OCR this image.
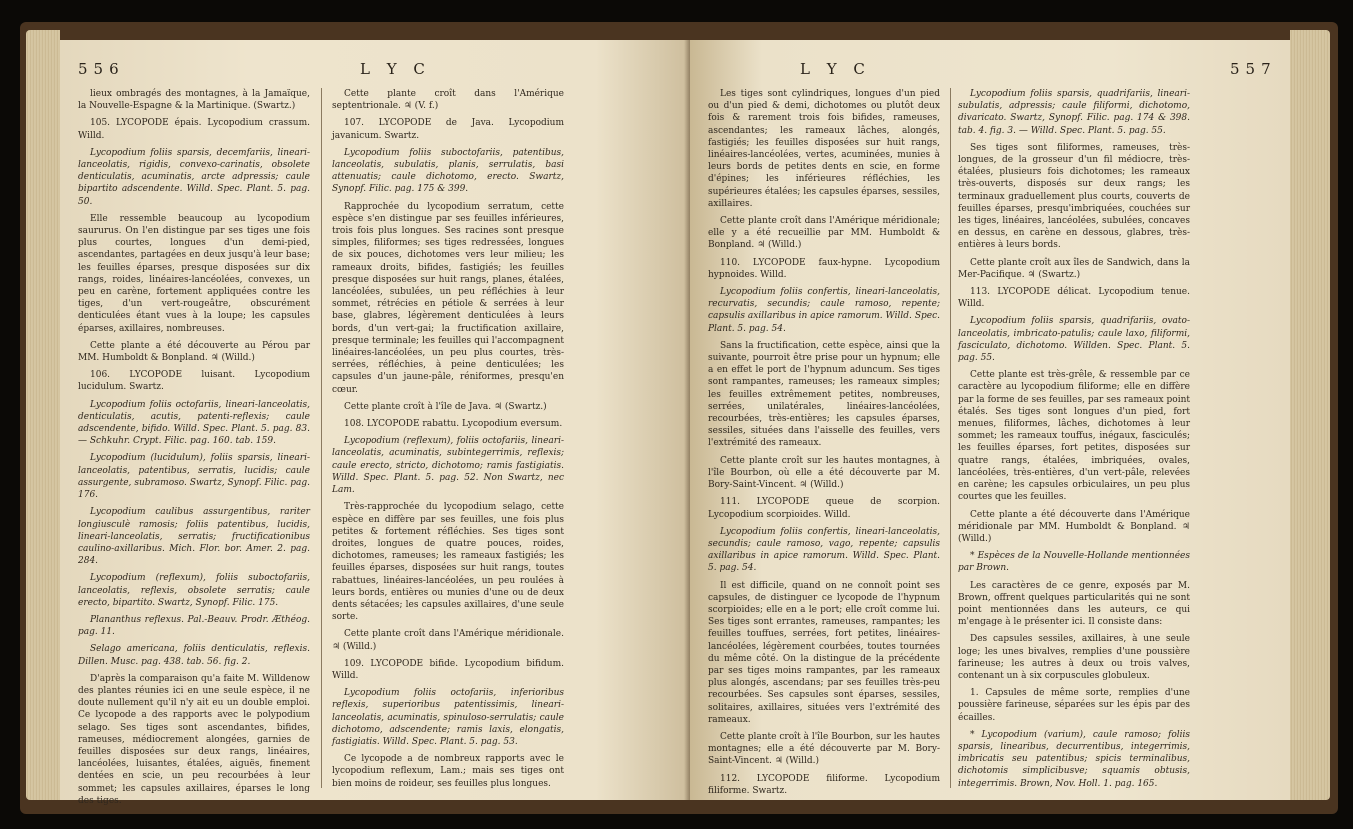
556	L Y C

lieux ombragés des montagnes, à la Jamaïque, la Nouvelle-Espagne & la Martinique. (Swartz.)

105. LYCOPODE épais. Lycopodium crassum. Willd.

Lycopodium foliis sparsis, decemfariis, lineari-lanceolatis, rigidis, convexo-carinatis, obsolete denticulatis, acuminatis, arcte adpressis; caule bipartito adscendente. Willd. Spec. Plant. 5. pag. 50.

Elle ressemble beaucoup au lycopodium saururus. On l'en distingue par ses tiges une fois plus courtes, longues d'un demi-pied, ascendantes, partagées en deux jusqu'à leur base; les feuilles éparses, presque disposées sur dix rangs, roides, linéaires-lancéolées, convexes, un peu en carène, fortement appliquées contre les tiges, d'un vert-rougeâtre, obscurément denticulées étant vues à la loupe; les capsules éparses, axillaires, nombreuses.

Cette plante a été découverte au Pérou par MM. Humboldt & Bonpland. ♃ (Willd.)

106. LYCOPODE luisant. Lycopodium lucidulum. Swartz.

Lycopodium foliis octofariis, lineari-lanceolatis, denticulatis, acutis, patenti-reflexis; caule adscendente, bifido. Willd. Spec. Plant. 5. pag. 83. — Schkuhr. Crypt. Filic. pag. 160. tab. 159.

Lycopodium (lucidulum), foliis sparsis, lineari-lanceolatis, patentibus, serratis, lucidis; caule assurgente, subramoso. Swartz, Synopf. Filic. pag. 176.

Lycopodium caulibus assurgentibus, rariter longiusculè ramosis; foliis patentibus, lucidis, lineari-lanceolatis, serratis; fructificationibus caulino-axillaribus. Mich. Flor. bor. Amer. 2. pag. 284.

Lycopodium (reflexum), foliis suboctofariis, lanceolatis, reflexis, obsolete serratis; caule erecto, bipartito. Swartz, Synopf. Filic. 175.

Plananthus reflexus. Pal.-Beauv. Prodr. Æthéog. pag. 11.

Selago americana, foliis denticulatis, reflexis. Dillen. Musc. pag. 438. tab. 56. fig. 2.

D'après la comparaison qu'a faite M. Willdenow des plantes réunies ici en une seule espèce, il ne doute nullement qu'il n'y ait eu un double emploi. Ce lycopode a des rapports avec le polypodium selago. Ses tiges sont ascendantes, bifides, rameuses, médiocrement alongées, garnies de feuilles disposées sur deux rangs, linéaires, lancéolées, luisantes, étalées, aiguës, finement dentées en scie, un peu recourbées à leur sommet; les capsules axillaires, éparses le long des tiges.

Cette plante croît dans l'Amérique septentrionale. ♃ (V. f.)

107. LYCOPODE de Java. Lycopodium javanicum. Swartz.

Lycopodium foliis suboctofariis, patentibus, lanceolatis, subulatis, planis, serrulatis, basi attenuatis; caule dichotomo, erecto. Swartz, Synopf. Filic. pag. 175 & 399.

Rapprochée du lycopodium serratum, cette espèce s'en distingue par ses feuilles inférieures, trois fois plus longues. Ses racines sont presque simples, filiformes; ses tiges redressées, longues de six pouces, dichotomes vers leur milieu; les rameaux droits, bifides, fastigiés; les feuilles presque disposées sur huit rangs, planes, étalées, lancéolées, subulées, un peu réfléchies à leur sommet, rétrécies en pétiole & serrées à leur base, glabres, légèrement denticulées à leurs bords, d'un vert-gai; la fructification axillaire, presque terminale; les feuilles qui l'accompagnent linéaires-lancéolées, un peu plus courtes, très-serrées, réfléchies, à peine denticulées; les capsules d'un jaune-pâle, réniformes, presqu'en cœur.

Cette plante croît à l'île de Java. ♃ (Swartz.)

108. LYCOPODE rabattu. Lycopodium eversum.

Lycopodium (reflexum), foliis octofariis, lineari-lanceolatis, acuminatis, subintegerrimis, reflexis; caule erecto, stricto, dichotomo; ramis fastigiatis. Willd. Spec. Plant. 5. pag. 52. Non Swartz, nec Lam.

Très-rapprochée du lycopodium selago, cette espèce en diffère par ses feuilles, une fois plus petites & fortement réfléchies. Ses tiges sont droites, longues de quatre pouces, roides, dichotomes, rameuses; les rameaux fastigiés; les feuilles éparses, disposées sur huit rangs, toutes rabattues, linéaires-lancéolées, un peu roulées à leurs bords, entières ou munies d'une ou de deux dents sétacées; les capsules axillaires, d'une seule sorte.

Cette plante croît dans l'Amérique méridionale. ♃ (Willd.)

109. LYCOPODE bifide. Lycopodium bifidum. Willd.

Lycopodium foliis octofariis, inferioribus reflexis, superioribus patentissimis, lineari-lanceolatis, acuminatis, spinuloso-serrulatis; caule dichotomo, adscendente; ramis laxis, elongatis, fastigiatis. Willd. Spec. Plant. 5. pag. 53.

Ce lycopode a de nombreux rapports avec le lycopodium reflexum, Lam.; mais ses tiges ont bien moins de roideur, ses feuilles plus longues.

L Y C	557

Les tiges sont cylindriques, longues d'un pied ou d'un pied & demi, dichotomes ou plutôt deux fois & rarement trois fois bifides, rameuses, ascendantes; les rameaux lâches, alongés, fastigiés; les feuilles disposées sur huit rangs, linéaires-lancéolées, vertes, acuminées, munies à leurs bords de petites dents en scie, en forme d'épines; les inférieures réfléchies, les supérieures étalées; les capsules éparses, sessiles, axillaires.

Cette plante croît dans l'Amérique méridionale; elle y a été recueillie par MM. Humboldt & Bonpland. ♃ (Willd.)

110. LYCOPODE faux-hypne. Lycopodium hypnoides. Willd.

Lycopodium foliis confertis, lineari-lanceolatis, recurvatis, secundis; caule ramoso, repente; capsulis axillaribus in apice ramorum. Willd. Spec. Plant. 5. pag. 54.

Sans la fructification, cette espèce, ainsi que la suivante, pourroit être prise pour un hypnum; elle a en effet le port de l'hypnum aduncum. Ses tiges sont rampantes, rameuses; les rameaux simples; les feuilles extrêmement petites, nombreuses, serrées, unilatérales, linéaires-lancéolées, recourbées, très-entières; les capsules éparses, sessiles, situées dans l'aisselle des feuilles, vers l'extrémité des rameaux.

Cette plante croît sur les hautes montagnes, à l'île Bourbon, où elle a été découverte par M. Bory-Saint-Vincent. ♃ (Willd.)

111. LYCOPODE queue de scorpion. Lycopodium scorpioides. Willd.

Lycopodium foliis confertis, lineari-lanceolatis, secundis; caule ramoso, vago, repente; capsulis axillaribus in apice ramorum. Willd. Spec. Plant. 5. pag. 54.

Il est difficile, quand on ne connoît point ses capsules, de distinguer ce lycopode de l'hypnum scorpioides; elle en a le port; elle croît comme lui. Ses tiges sont errantes, rameuses, rampantes; les feuilles touffues, serrées, fort petites, linéaires-lancéolées, légèrement courbées, toutes tournées du même côté. On la distingue de la précédente par ses tiges moins rampantes, par les rameaux plus alongés, ascendans; par ses feuilles très-peu recourbées. Ses capsules sont éparses, sessiles, solitaires, axillaires, situées vers l'extrémité des rameaux.

Cette plante croît à l'île Bourbon, sur les hautes montagnes; elle a été découverte par M. Bory-Saint-Vincent. ♃ (Willd.)

112. LYCOPODE filiforme. Lycopodium filiforme. Swartz.

Lycopodium foliis sparsis, quadrifariis, lineari-subulatis, adpressis; caule filiformi, dichotomo, divaricato. Swartz, Synopf. Filic. pag. 174 & 398. tab. 4. fig. 3. — Willd. Spec. Plant. 5. pag. 55.

Ses tiges sont filiformes, rameuses, très-longues, de la grosseur d'un fil médiocre, très-étalées, plusieurs fois dichotomes; les rameaux très-ouverts, disposés sur deux rangs; les terminaux graduellement plus courts, couverts de feuilles éparses, presqu'imbriquées, couchées sur les tiges, linéaires, lancéolées, subulées, concaves en dessus, en carène en dessous, glabres, très-entières à leurs bords.

Cette plante croît aux îles de Sandwich, dans la Mer-Pacifique. ♃ (Swartz.)

113. LYCOPODE délicat. Lycopodium tenue. Willd.

Lycopodium foliis sparsis, quadrifariis, ovato-lanceolatis, imbricato-patulis; caule laxo, filiformi, fasciculato, dichotomo. Willden. Spec. Plant. 5. pag. 55.

Cette plante est très-grêle, & ressemble par ce caractère au lycopodium filiforme; elle en diffère par la forme de ses feuilles, par ses rameaux point étalés. Ses tiges sont longues d'un pied, fort menues, filiformes, lâches, dichotomes à leur sommet; les rameaux touffus, inégaux, fasciculés; les feuilles éparses, fort petites, disposées sur quatre rangs, étalées, imbriquées, ovales, lancéolées, très-entières, d'un vert-pâle, relevées en carène; les capsules orbiculaires, un peu plus courtes que les feuilles.

Cette plante a été découverte dans l'Amérique méridionale par MM. Humboldt & Bonpland. ♃ (Willd.)

* Espèces de la Nouvelle-Hollande mentionnées par Brown.

Les caractères de ce genre, exposés par M. Brown, offrent quelques particularités qui ne sont point mentionnées dans les auteurs, ce qui m'engage à le présenter ici. Il consiste dans:

Des capsules sessiles, axillaires, à une seule loge; les unes bivalves, remplies d'une poussière farineuse; les autres à deux ou trois valves, contenant un à six corpuscules globuleux.

1. Capsules de même sorte, remplies d'une poussière farineuse, séparées sur les épis par des écailles.

* Lycopodium (varium), caule ramoso; foliis sparsis, linearibus, decurrentibus, integerrimis, imbricatis seu patentibus; spicis terminalibus, dichotomis simplicibusve; squamis obtusis, integerrimis. Brown, Nov. Holl. 1. pag. 165.
